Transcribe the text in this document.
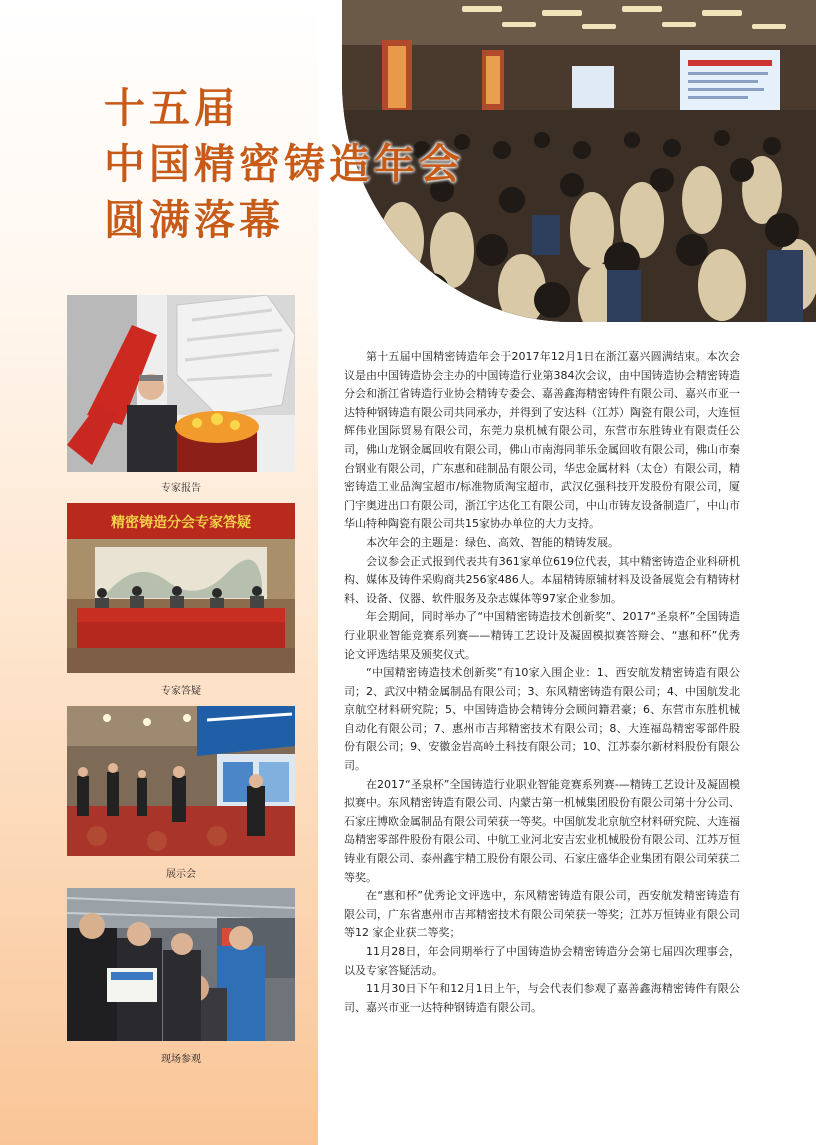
十五届
中国精密铸造年会
圆满落幕
专家报告
精密铸造分会专家答疑
专家答疑
展示会
现场参观

第十五届中国精密铸造年会于2017年12月1日在浙江嘉兴圆满结束。本次会议是由中国铸造协会主办的中国铸造行业第384次会议，由中国铸造协会精密铸造分会和浙江省铸造行业协会精铸专委会、嘉善鑫海精密铸件有限公司、嘉兴市亚一达特种钢铸造有限公司共同承办，并得到了安达科（江苏）陶瓷有限公司，大连恒辉伟业国际贸易有限公司，东莞力泉机械有限公司，东营市东胜铸业有限责任公司，佛山龙钢金属回收有限公司，佛山市南海同菲乐金属回收有限公司，佛山市秦台钢业有限公司，广东惠和硅制品有限公司，华忠金属材料（太仓）有限公司，精密铸造工业品淘宝超市/标准物质淘宝超市，武汉亿强科技开发股份有限公司，厦门宇奥进出口有限公司，浙江宇达化工有限公司，中山市铸友设备制造厂，中山市华山特种陶瓷有限公司共15家协办单位的大力支持。

本次年会的主题是：绿色、高效、智能的精铸发展。

会议参会正式报到代表共有361家单位619位代表，其中精密铸造企业科研机构、媒体及铸件采购商共256家486人。本届精铸原辅材料及设备展览会有精铸材料、设备、仪器、软件服务及杂志媒体等97家企业参加。

年会期间，同时举办了“中国精密铸造技术创新奖”、2017“圣泉杯”全国铸造行业职业智能竞赛系列赛——精铸工艺设计及凝固模拟赛答辩会、“惠和杯”优秀论文评选结果及颁奖仪式。

“中国精密铸造技术创新奖”有10家入围企业：1、西安航发精密铸造有限公司；2、武汉中精金属制品有限公司；3、东风精密铸造有限公司；4、中国航发北京航空材料研究院；5、中国铸造协会精铸分会顾问籍君豪；6、东营市东胜机械自动化有限公司；7、惠州市吉邦精密技术有限公司；8、大连福岛精密零部件股份有限公司；9、安徽金岩高岭土科技有限公司；10、江苏泰尔新材料股份有限公司。

在2017“圣泉杯”全国铸造行业职业智能竞赛系列赛-—精铸工艺设计及凝固模拟赛中。东风精密铸造有限公司、内蒙古第一机械集团股份有限公司第十分公司、石家庄博欧金属制品有限公司荣获一等奖。中国航发北京航空材料研究院、大连福岛精密零部件股份有限公司、中航工业河北安吉宏业机械股份有限公司、江苏万恒铸业有限公司、泰州鑫宇精工股份有限公司、石家庄盛华企业集团有限公司荣获二等奖。

在“惠和杯”优秀论文评选中，东风精密铸造有限公司，西安航发精密铸造有限公司，广东省惠州市吉邦精密技术有限公司荣获一等奖；江苏万恒铸业有限公司等12 家企业获二等奖；

11月28日，年会同期举行了中国铸造协会精密铸造分会第七届四次理事会，以及专家答疑活动。

11月30日下午和12月1日上午，与会代表们参观了嘉善鑫海精密铸件有限公司、嘉兴市亚一达特种钢铸造有限公司。
